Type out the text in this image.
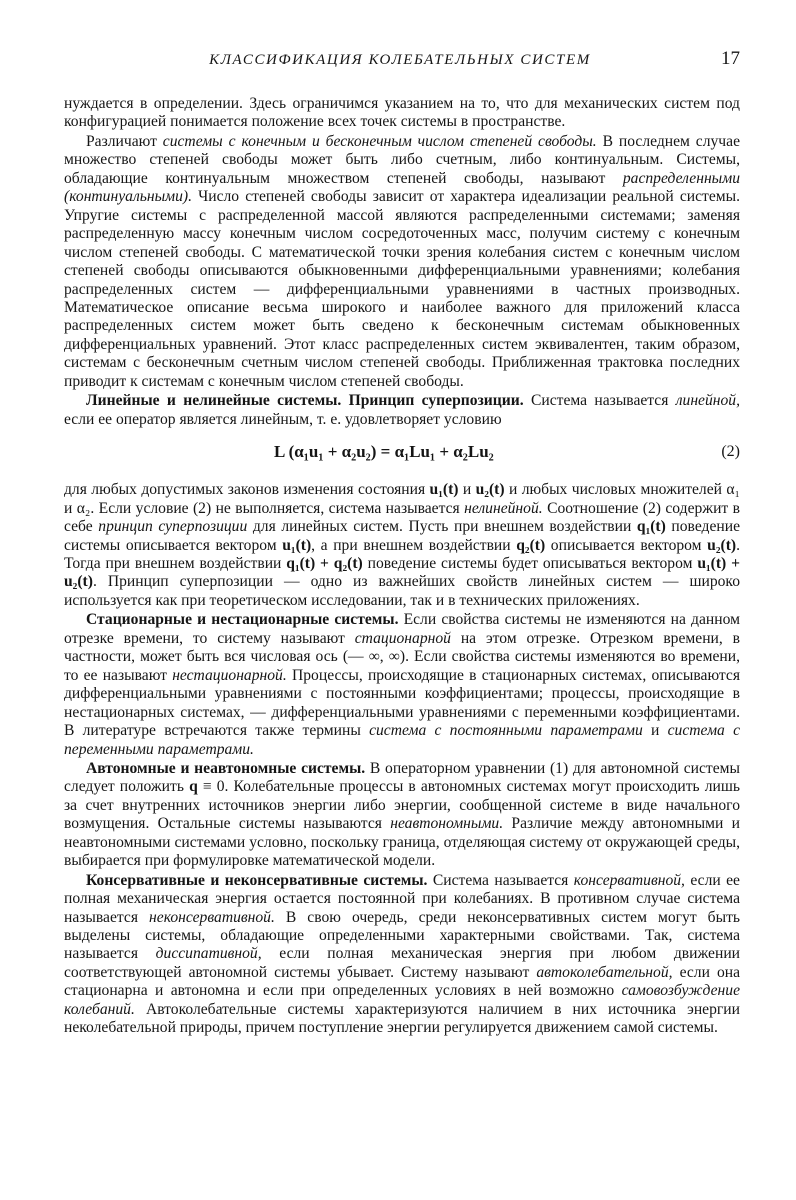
КЛАССИФИКАЦИЯ КОЛЕБАТЕЛЬНЫХ СИСТЕМ	17

нуждается в определении. Здесь ограничимся указанием на то, что для механических систем под конфигурацией понимается положение всех точек системы в пространстве.

Различают системы с конечным и бесконечным числом степеней свободы. В последнем случае множество степеней свободы может быть либо счетным, либо континуальным. Системы, обладающие континуальным множеством степеней свободы, называют распределенными (континуальными). Число степеней свободы зависит от характера идеализации реальной системы. Упругие системы с распределенной массой являются распределенными системами; заменяя распределенную массу конечным числом сосредоточенных масс, получим систему с конечным числом степеней свободы. С математической точки зрения колебания систем с конечным числом степеней свободы описываются обыкновенными дифференциальными уравнениями; колебания распределенных систем — дифференциальными уравнениями в частных производных. Математическое описание весьма широкого и наиболее важного для приложений класса распределенных систем может быть сведено к бесконечным системам обыкновенных дифференциальных уравнений. Этот класс распределенных систем эквивалентен, таким образом, системам с бесконечным счетным числом степеней свободы. Приближенная трактовка последних приводит к системам с конечным числом степеней свободы.

Линейные и нелинейные системы. Принцип суперпозиции. Система называется линейной, если ее оператор является линейным, т. е. удовлетворяет условию

L (α₁u₁ + α₂u₂) = α₁Lu₁ + α₂Lu₂	(2)

для любых допустимых законов изменения состояния u₁(t) и u₂(t) и любых числовых множителей α₁ и α₂. Если условие (2) не выполняется, система называется нелинейной. Соотношение (2) содержит в себе принцип суперпозиции для линейных систем. Пусть при внешнем воздействии q₁(t) поведение системы описывается вектором u₁(t), а при внешнем воздействии q₂(t) описывается вектором u₂(t). Тогда при внешнем воздействии q₁(t) + q₂(t) поведение системы будет описываться вектором u₁(t) + u₂(t). Принцип суперпозиции — одно из важнейших свойств линейных систем — широко используется как при теоретическом исследовании, так и в технических приложениях.

Стационарные и нестационарные системы. Если свойства системы не изменяются на данном отрезке времени, то систему называют стационарной на этом отрезке. Отрезком времени, в частности, может быть вся числовая ось (— ∞, ∞). Если свойства системы изменяются во времени, то ее называют нестационарной. Процессы, происходящие в стационарных системах, описываются дифференциальными уравнениями с постоянными коэффициентами; процессы, происходящие в нестационарных системах, — дифференциальными уравнениями с переменными коэффициентами. В литературе встречаются также термины система с постоянными параметрами и система с переменными параметрами.

Автономные и неавтономные системы. В операторном уравнении (1) для автономной системы следует положить q ≡ 0. Колебательные процессы в автономных системах могут происходить лишь за счет внутренних источников энергии либо энергии, сообщенной системе в виде начального возмущения. Остальные системы называются неавтономными. Различие между автономными и неавтономными системами условно, поскольку граница, отделяющая систему от окружающей среды, выбирается при формулировке математической модели.

Консервативные и неконсервативные системы. Система называется консервативной, если ее полная механическая энергия остается постоянной при колебаниях. В противном случае система называется неконсервативной. В свою очередь, среди неконсервативных систем могут быть выделены системы, обладающие определенными характерными свойствами. Так, система называется диссипативной, если полная механическая энергия при любом движении соответствующей автономной системы убывает. Систему называют автоколебательной, если она стационарна и автономна и если при определенных условиях в ней возможно самовозбуждение колебаний. Автоколебательные системы характеризуются наличием в них источника энергии неколебательной природы, причем поступление энергии регулируется движением самой системы.
